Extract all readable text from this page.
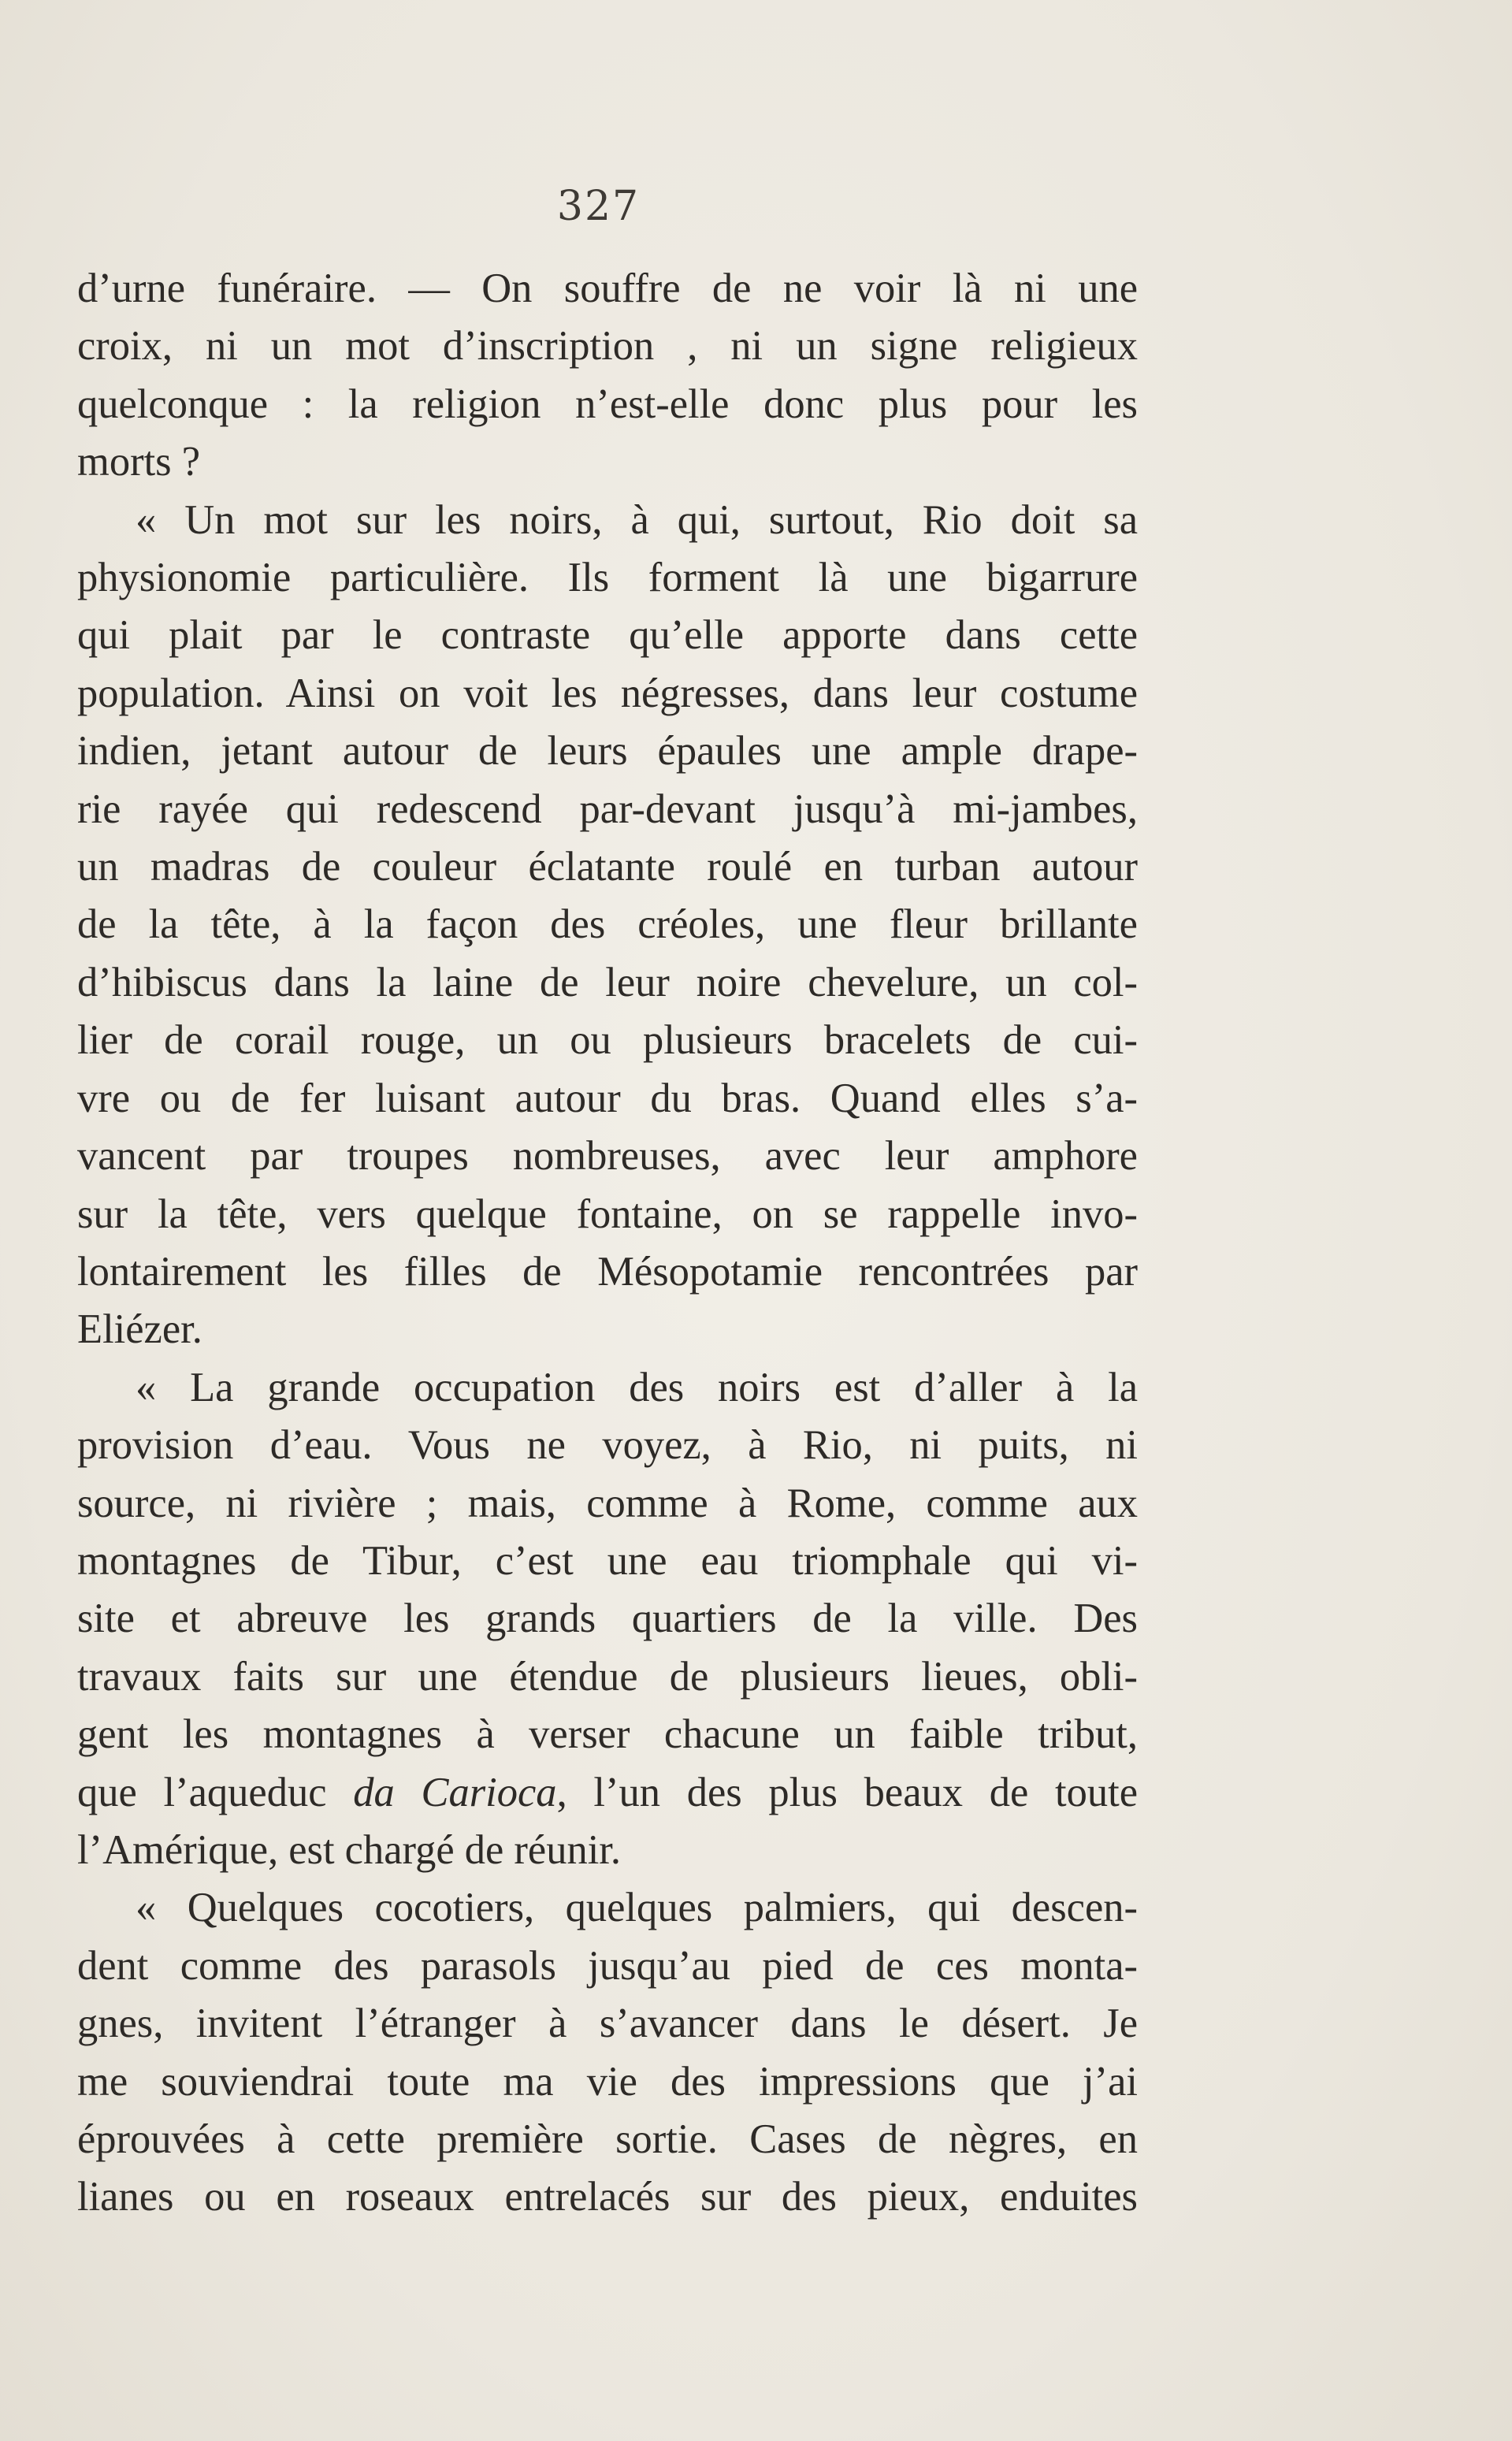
327

d’urne funéraire. — On souffre de ne voir là ni une
croix, ni un mot d’inscription , ni un signe religieux
quelconque : la religion n’est-elle donc plus pour les
morts ?

« Un mot sur les noirs, à qui, surtout, Rio doit sa
physionomie particulière. Ils forment là une bigarrure
qui plait par le contraste qu’elle apporte dans cette
population. Ainsi on voit les négresses, dans leur costume
indien, jetant autour de leurs épaules une ample drape-
rie rayée qui redescend par-devant jusqu’à mi-jambes,
un madras de couleur éclatante roulé en turban autour
de la tête, à la façon des créoles, une fleur brillante
d’hibiscus dans la laine de leur noire chevelure, un col-
lier de corail rouge, un ou plusieurs bracelets de cui-
vre ou de fer luisant autour du bras. Quand elles s’a-
vancent par troupes nombreuses, avec leur amphore
sur la tête, vers quelque fontaine, on se rappelle invo-
lontairement les filles de Mésopotamie rencontrées par
Eliézer.

« La grande occupation des noirs est d’aller à la
provision d’eau. Vous ne voyez, à Rio, ni puits, ni
source, ni rivière ; mais, comme à Rome, comme aux
montagnes de Tibur, c’est une eau triomphale qui vi-
site et abreuve les grands quartiers de la ville. Des
travaux faits sur une étendue de plusieurs lieues, obli-
gent les montagnes à verser chacune un faible tribut,
que l’aqueduc da Carioca, l’un des plus beaux de toute
l’Amérique, est chargé de réunir.

« Quelques cocotiers, quelques palmiers, qui descen-
dent comme des parasols jusqu’au pied de ces monta-
gnes, invitent l’étranger à s’avancer dans le désert. Je
me souviendrai toute ma vie des impressions que j’ai
éprouvées à cette première sortie. Cases de nègres, en
lianes ou en roseaux entrelacés sur des pieux, enduites
